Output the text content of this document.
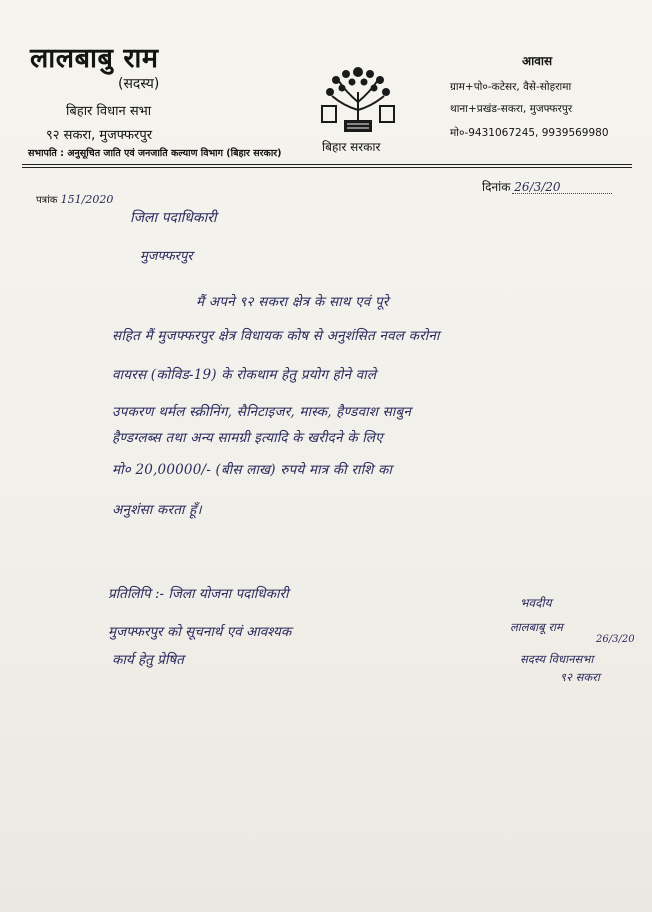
लालबाबु राम
(सदस्य)
बिहार विधान सभा
९२ सकरा, मुजफ्फरपुर
सभापति : अनुसूचित जाति एवं जनजाति कल्याण विभाग (बिहार सरकार)	बिहार सरकार
आवास
ग्राम+पो०-कटेसर, वैसे-सोहरामा
थाना+प्रखंड-सकरा, मुजफ्फरपुर
मो०-9431067245, 9939569980
पत्रांक 151/2020
दिनांक 26/3/20
जिला पदाधिकारी
मुजफ्फरपुर
मैं अपने ९२ सकरा क्षेत्र के साथ एवं पूरे
सहित मैं मुजफ्फरपुर क्षेत्र विधायक कोष से अनुशंसित नवल करोना
वायरस (कोविड-19) के रोकथाम हेतु प्रयोग होने वाले
उपकरण थर्मल स्क्रीनिंग, सैनिटाइजर, मास्क, हैण्डवाश साबुन
हैण्डग्लब्स तथा अन्य सामग्री इत्यादि के खरीदने के लिए
मो० 20,00000/- (बीस लाख) रुपये मात्र की राशि का
अनुशंसा करता हूँ।
प्रतिलिपि :- जिला योजना पदाधिकारी
मुजफ्फरपुर को सूचनार्थ एवं आवश्यक
कार्य हेतु प्रेषित
भवदीय
लालबाबू राम
26/3/20
सदस्य विधानसभा
९२ सकरा
